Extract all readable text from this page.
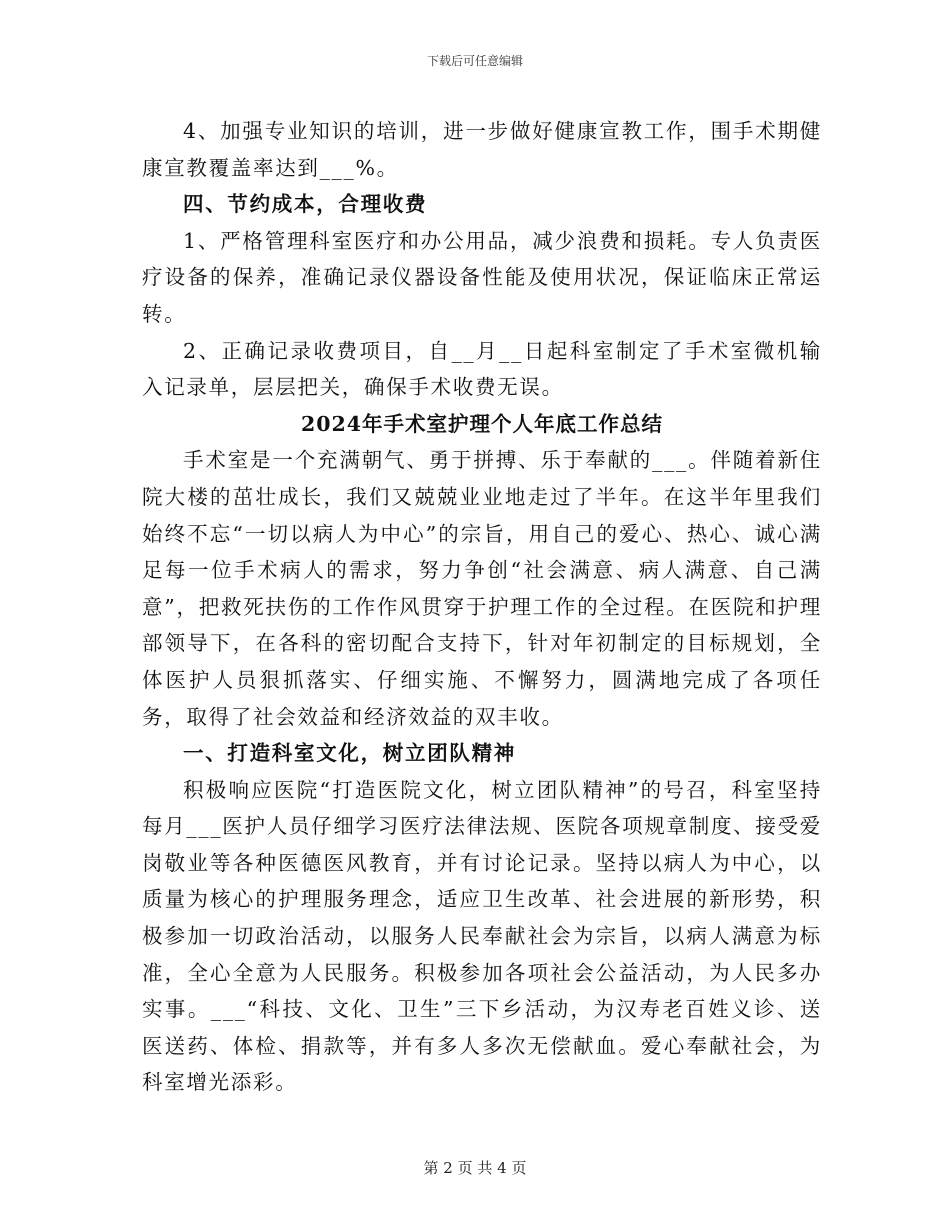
下载后可任意编辑

4、加强专业知识的培训，进一步做好健康宣教工作，围手术期健康宣教覆盖率达到___%。

四、节约成本，合理收费

1、严格管理科室医疗和办公用品，减少浪费和损耗。专人负责医疗设备的保养，准确记录仪器设备性能及使用状况，保证临床正常运转。

2、正确记录收费项目，自__月__日起科室制定了手术室微机输入记录单，层层把关，确保手术收费无误。

2024年手术室护理个人年底工作总结

手术室是一个充满朝气、勇于拼搏、乐于奉献的___。伴随着新住院大楼的茁壮成长，我们又兢兢业业地走过了半年。在这半年里我们始终不忘“一切以病人为中心”的宗旨，用自己的爱心、热心、诚心满足每一位手术病人的需求，努力争创“社会满意、病人满意、自己满意”，把救死扶伤的工作作风贯穿于护理工作的全过程。在医院和护理部领导下，在各科的密切配合支持下，针对年初制定的目标规划，全体医护人员狠抓落实、仔细实施、不懈努力，圆满地完成了各项任务，取得了社会效益和经济效益的双丰收。

一、打造科室文化，树立团队精神

积极响应医院“打造医院文化，树立团队精神”的号召，科室坚持每月___医护人员仔细学习医疗法律法规、医院各项规章制度、接受爱岗敬业等各种医德医风教育，并有讨论记录。坚持以病人为中心，以质量为核心的护理服务理念，适应卫生改革、社会进展的新形势，积极参加一切政治活动，以服务人民奉献社会为宗旨，以病人满意为标准，全心全意为人民服务。积极参加各项社会公益活动，为人民多办实事。___“科技、文化、卫生”三下乡活动，为汉寿老百姓义诊、送医送药、体检、捐款等，并有多人多次无偿献血。爱心奉献社会，为科室增光添彩。

第 2 页 共 4 页
